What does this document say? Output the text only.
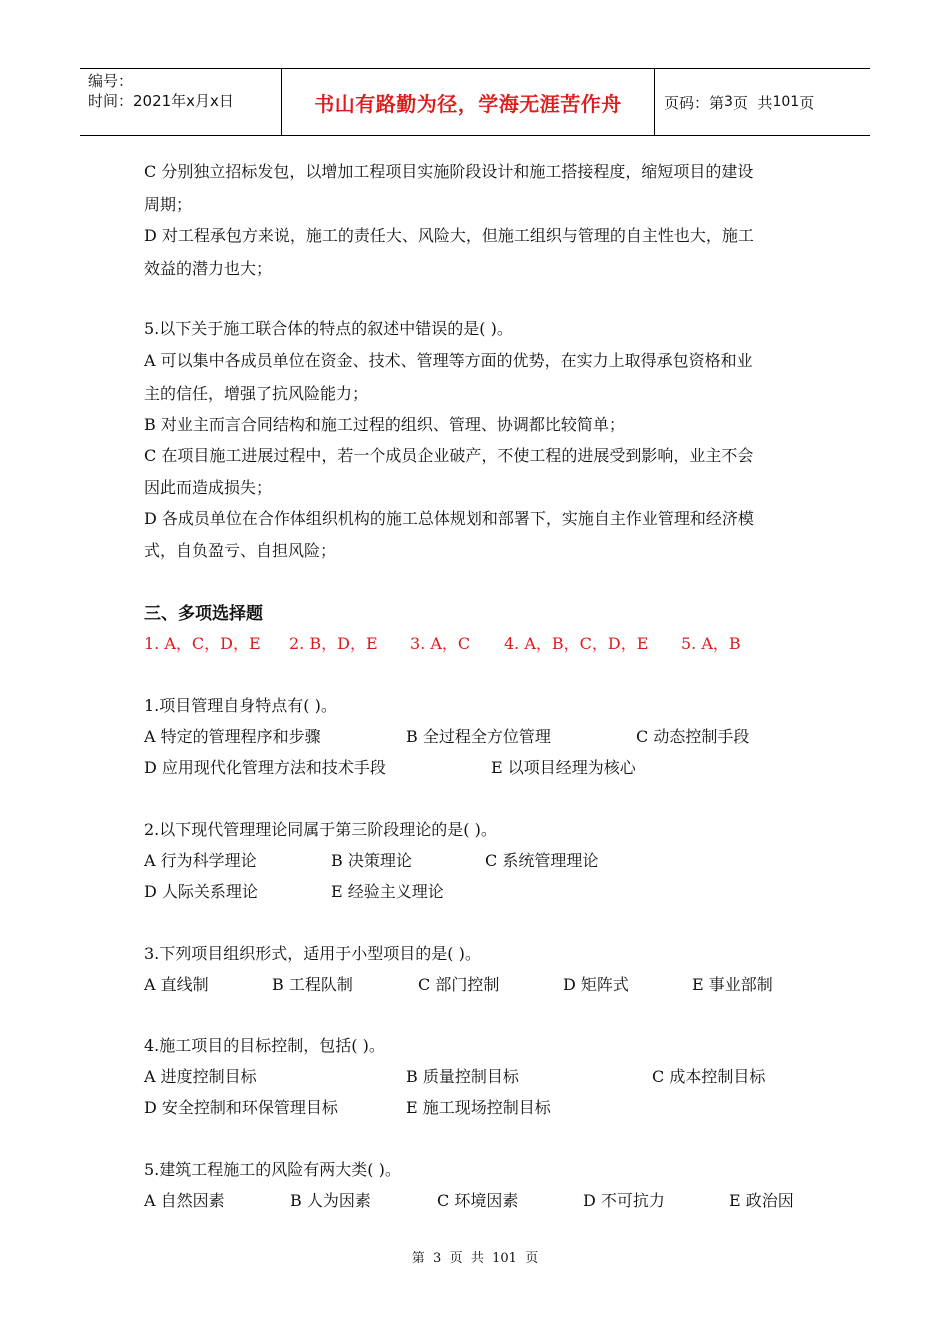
编号：
时间：2021年x月x日	书山有路勤为径，学海无涯苦作舟	页码：第 3 页  共 101 页
C 分别独立招标发包，以增加工程项目实施阶段设计和施工搭接程度，缩短项目的建设
周期；
D 对工程承包方来说，施工的责任大、风险大，但施工组织与管理的自主性也大，施工
效益的潜力也大；
5.以下关于施工联合体的特点的叙述中错误的是( )。
A 可以集中各成员单位在资金、技术、管理等方面的优势，在实力上取得承包资格和业
主的信任，增强了抗风险能力；
B 对业主而言合同结构和施工过程的组织、管理、协调都比较简单；
C 在项目施工进展过程中，若一个成员企业破产，不使工程的进展受到影响，业主不会
因此而造成损失；
D 各成员单位在合作体组织机构的施工总体规划和部署下，实施自主作业管理和经济模
式，自负盈亏、自担风险；
三、多项选择题
1. A，C，D，E 2. B，D，E 3. A，C 4. A，B，C，D，E 5. A，B
1.项目管理自身特点有( )。
A 特定的管理程序和步骤	B 全过程全方位管理	C 动态控制手段
D 应用现代化管理方法和技术手段	E 以项目经理为核心
2.以下现代管理理论同属于第三阶段理论的是( )。
A 行为科学理论	B 决策理论	C 系统管理理论
D 人际关系理论	E 经验主义理论
3.下列项目组织形式，适用于小型项目的是( )。
A 直线制	B 工程队制	C 部门控制	D 矩阵式	E 事业部制
4.施工项目的目标控制，包括( )。
A 进度控制目标	B 质量控制目标	C 成本控制目标
D 安全控制和环保管理目标	E 施工现场控制目标
5.建筑工程施工的风险有两大类( )。
A 自然因素	B 人为因素	C 环境因素	D 不可抗力	E 政治因
第  3  页  共  101  页
